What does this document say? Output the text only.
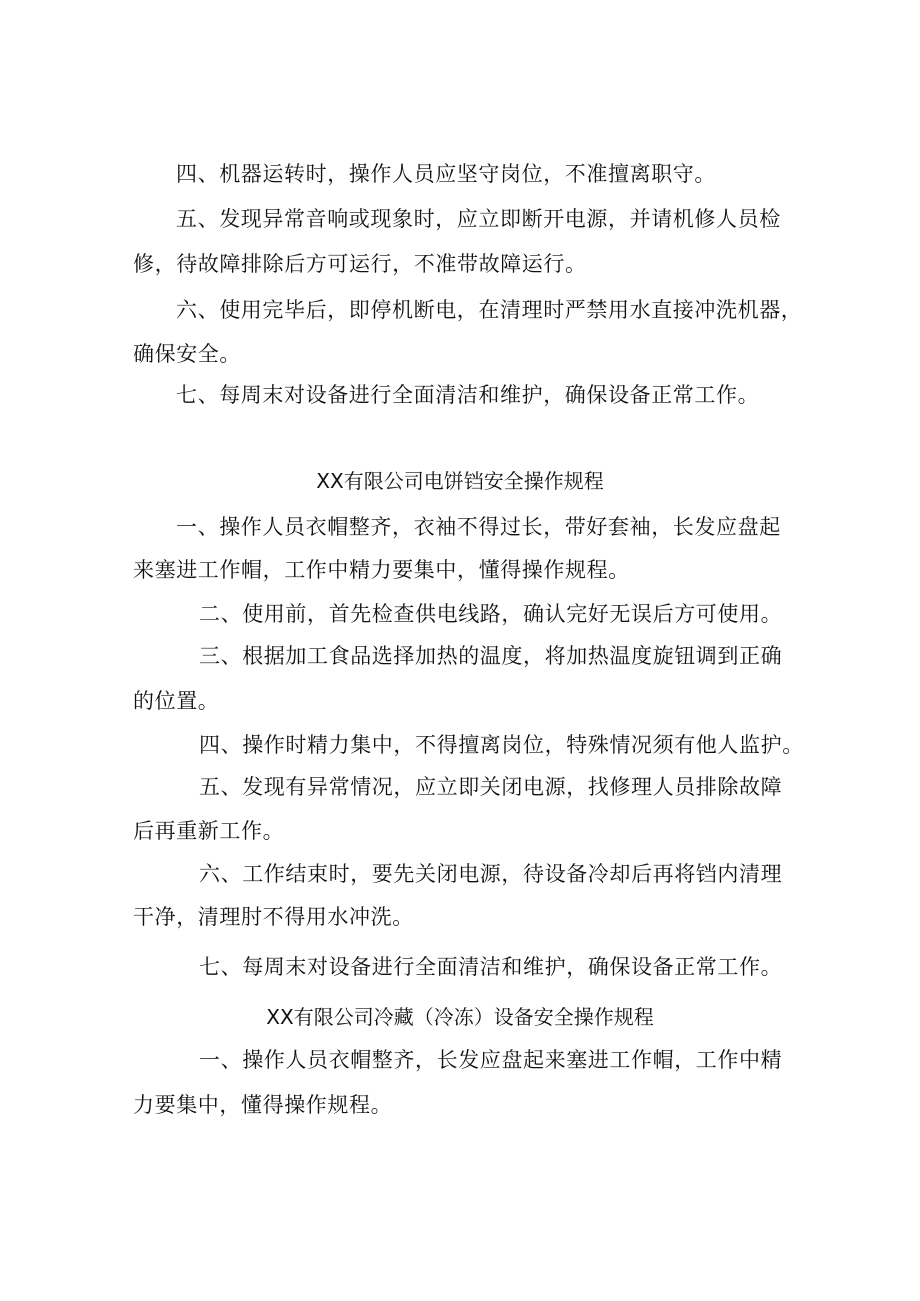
四、机器运转时，操作人员应坚守岗位，不准擅离职守。
五、发现异常音响或现象时，应立即断开电源，并请机修人员检
修，待故障排除后方可运行，不准带故障运行。
六、使用完毕后，即停机断电，在清理时严禁用水直接冲洗机器，
确保安全。
七、每周末对设备进行全面清洁和维护，确保设备正常工作。
XX有限公司电饼铛安全操作规程
一、操作人员衣帽整齐，衣袖不得过长，带好套袖，长发应盘起
来塞进工作帽，工作中精力要集中，懂得操作规程。
二、使用前，首先检查供电线路，确认完好无误后方可使用。
三、根据加工食品选择加热的温度，将加热温度旋钮调到正确
的位置。
四、操作时精力集中，不得擅离岗位，特殊情况须有他人监护。
五、发现有异常情况，应立即关闭电源，找修理人员排除故障
后再重新工作。
六、工作结束时，要先关闭电源，待设备冷却后再将铛内清理
干净，清理肘不得用水冲洗。
七、每周末对设备进行全面清洁和维护，确保设备正常工作。
XX有限公司冷藏（冷冻）设备安全操作规程
一、操作人员衣帽整齐，长发应盘起来塞进工作帽，工作中精
力要集中，懂得操作规程。
